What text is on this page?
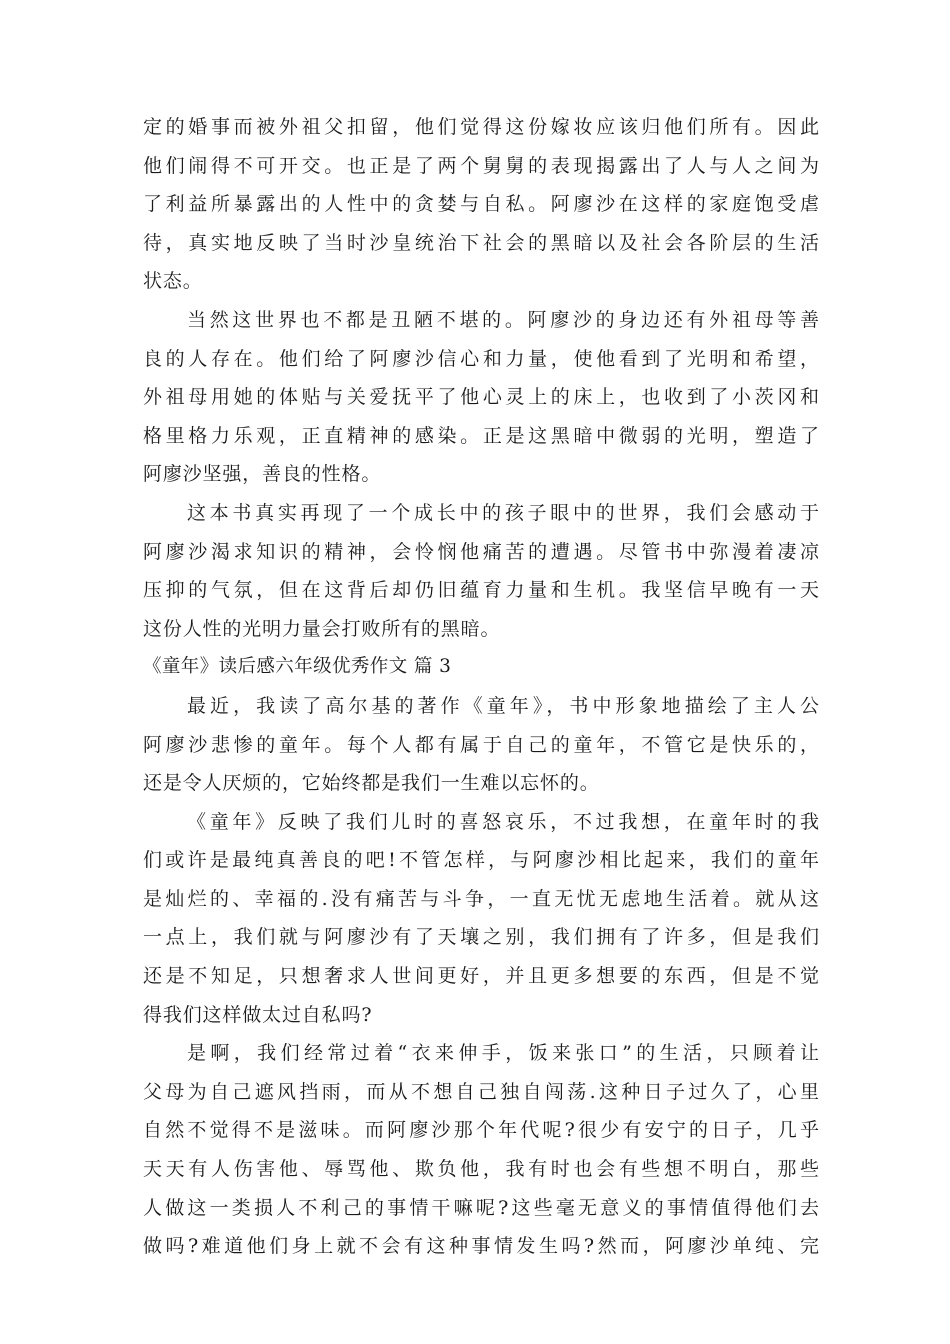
定的婚事而被外祖父扣留，他们觉得这份嫁妆应该归他们所有。因此
他们闹得不可开交。也正是了两个舅舅的表现揭露出了人与人之间为
了利益所暴露出的人性中的贪婪与自私。阿廖沙在这样的家庭饱受虐
待，真实地反映了当时沙皇统治下社会的黑暗以及社会各阶层的生活
状态。
当然这世界也不都是丑陋不堪的。阿廖沙的身边还有外祖母等善
良的人存在。他们给了阿廖沙信心和力量，使他看到了光明和希望，
外祖母用她的体贴与关爱抚平了他心灵上的床上，也收到了小茨冈和
格里格力乐观，正直精神的感染。正是这黑暗中微弱的光明，塑造了
阿廖沙坚强，善良的性格。
这本书真实再现了一个成长中的孩子眼中的世界，我们会感动于
阿廖沙渴求知识的精神，会怜悯他痛苦的遭遇。尽管书中弥漫着凄凉
压抑的气氛，但在这背后却仍旧蕴育力量和生机。我坚信早晚有一天
这份人性的光明力量会打败所有的黑暗。
《童年》读后感六年级优秀作文 篇 3
最近，我读了高尔基的著作《童年》，书中形象地描绘了主人公
阿廖沙悲惨的童年。每个人都有属于自己的童年，不管它是快乐的，
还是令人厌烦的，它始终都是我们一生难以忘怀的。
《童年》反映了我们儿时的喜怒哀乐，不过我想，在童年时的我
们或许是最纯真善良的吧!不管怎样，与阿廖沙相比起来，我们的童年
是灿烂的、幸福的.没有痛苦与斗争，一直无忧无虑地生活着。就从这
一点上，我们就与阿廖沙有了天壤之别，我们拥有了许多，但是我们
还是不知足，只想奢求人世间更好，并且更多想要的东西，但是不觉
得我们这样做太过自私吗?
是啊，我们经常过着“衣来伸手，饭来张口”的生活，只顾着让
父母为自己遮风挡雨，而从不想自己独自闯荡.这种日子过久了，心里
自然不觉得不是滋味。而阿廖沙那个年代呢?很少有安宁的日子，几乎
天天有人伤害他、辱骂他、欺负他，我有时也会有些想不明白，那些
人做这一类损人不利己的事情干嘛呢?这些毫无意义的事情值得他们去
做吗?难道他们身上就不会有这种事情发生吗?然而，阿廖沙单纯、完
